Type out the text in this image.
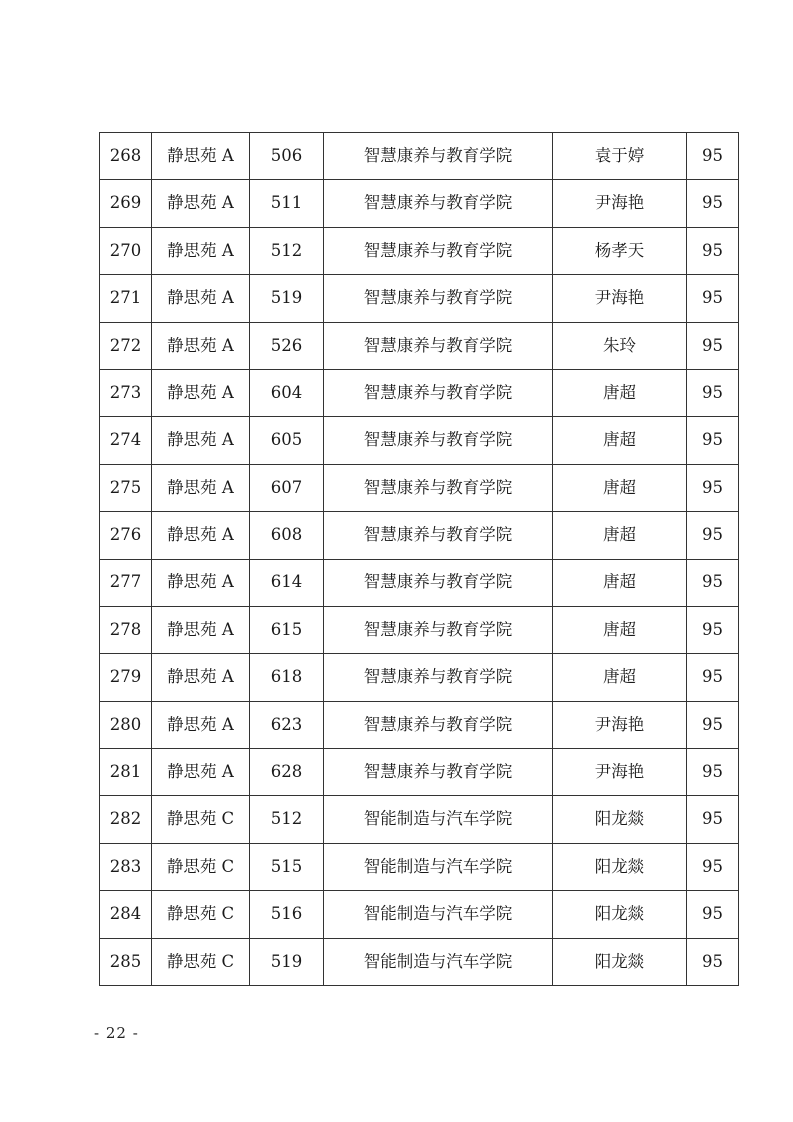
268	静思苑 A	506	智慧康养与教育学院	袁于婷	95
269	静思苑 A	511	智慧康养与教育学院	尹海艳	95
270	静思苑 A	512	智慧康养与教育学院	杨孝天	95
271	静思苑 A	519	智慧康养与教育学院	尹海艳	95
272	静思苑 A	526	智慧康养与教育学院	朱玲	95
273	静思苑 A	604	智慧康养与教育学院	唐超	95
274	静思苑 A	605	智慧康养与教育学院	唐超	95
275	静思苑 A	607	智慧康养与教育学院	唐超	95
276	静思苑 A	608	智慧康养与教育学院	唐超	95
277	静思苑 A	614	智慧康养与教育学院	唐超	95
278	静思苑 A	615	智慧康养与教育学院	唐超	95
279	静思苑 A	618	智慧康养与教育学院	唐超	95
280	静思苑 A	623	智慧康养与教育学院	尹海艳	95
281	静思苑 A	628	智慧康养与教育学院	尹海艳	95
282	静思苑 C	512	智能制造与汽车学院	阳龙燚	95
283	静思苑 C	515	智能制造与汽车学院	阳龙燚	95
284	静思苑 C	516	智能制造与汽车学院	阳龙燚	95
285	静思苑 C	519	智能制造与汽车学院	阳龙燚	95
- 22 -
